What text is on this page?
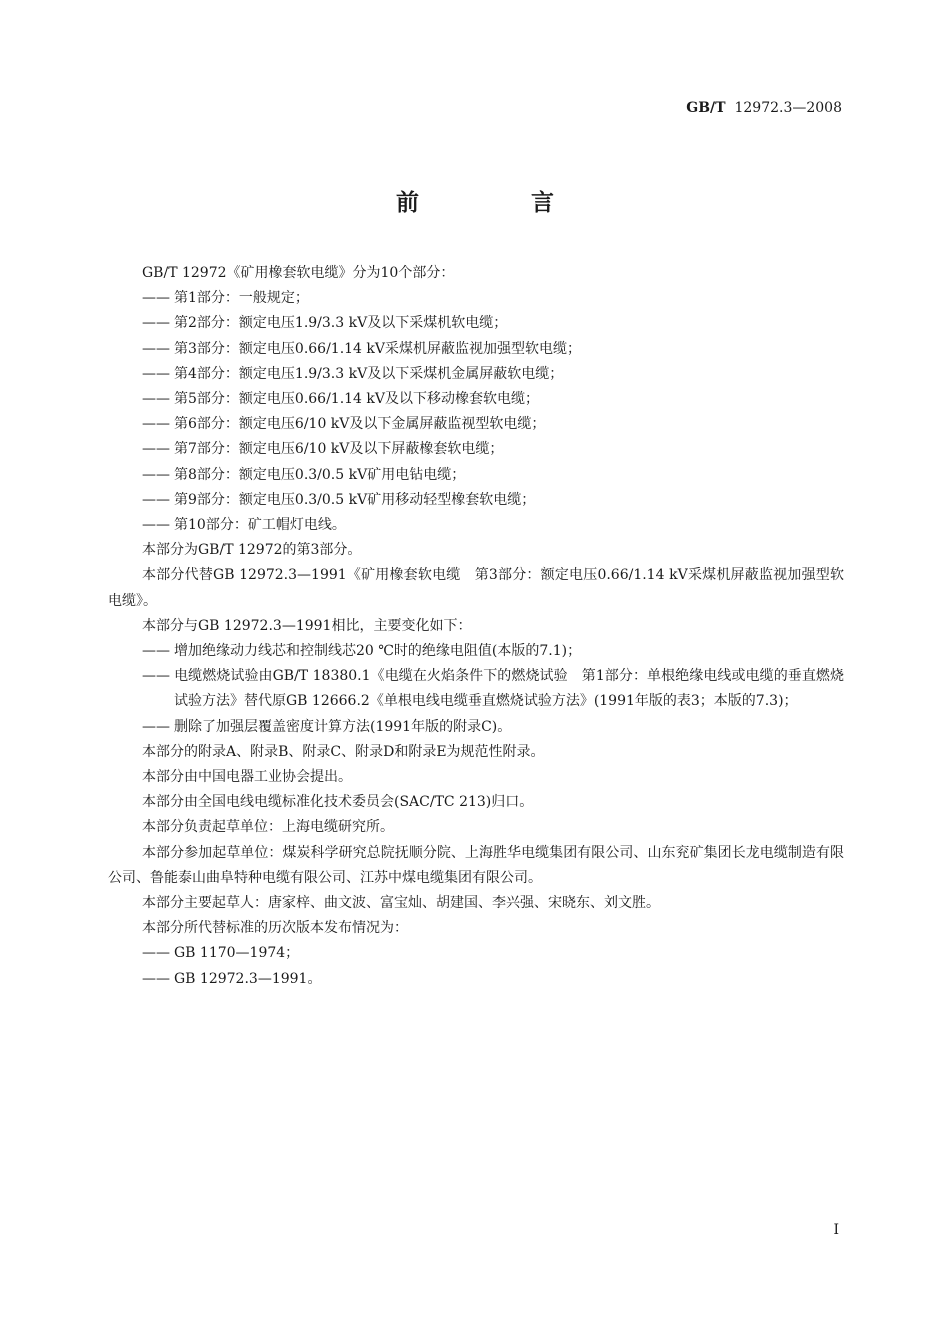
GB/T 12972.3—2008
前 言

GB/T 12972《矿用橡套软电缆》分为10个部分：

—— 第1部分：一般规定；

—— 第2部分：额定电压1.9/3.3 kV及以下采煤机软电缆；

—— 第3部分：额定电压0.66/1.14 kV采煤机屏蔽监视加强型软电缆；

—— 第4部分：额定电压1.9/3.3 kV及以下采煤机金属屏蔽软电缆；

—— 第5部分：额定电压0.66/1.14 kV及以下移动橡套软电缆；

—— 第6部分：额定电压6/10 kV及以下金属屏蔽监视型软电缆；

—— 第7部分：额定电压6/10 kV及以下屏蔽橡套软电缆；

—— 第8部分：额定电压0.3/0.5 kV矿用电钻电缆；

—— 第9部分：额定电压0.3/0.5 kV矿用移动轻型橡套软电缆；

—— 第10部分：矿工帽灯电线。

本部分为GB/T 12972的第3部分。

本部分代替GB 12972.3—1991《矿用橡套软电缆　第3部分：额定电压0.66/1.14 kV采煤机屏蔽监视加强型软电缆》。

本部分与GB 12972.3—1991相比，主要变化如下：

—— 增加绝缘动力线芯和控制线芯20 ℃时的绝缘电阻值(本版的7.1)；

—— 电缆燃烧试验由GB/T 18380.1《电缆在火焰条件下的燃烧试验　第1部分：单根绝缘电线或电缆的垂直燃烧试验方法》替代原GB 12666.2《单根电线电缆垂直燃烧试验方法》(1991年版的表3；本版的7.3)；

—— 删除了加强层覆盖密度计算方法(1991年版的附录C)。

本部分的附录A、附录B、附录C、附录D和附录E为规范性附录。

本部分由中国电器工业协会提出。

本部分由全国电线电缆标准化技术委员会(SAC/TC 213)归口。

本部分负责起草单位：上海电缆研究所。

本部分参加起草单位：煤炭科学研究总院抚顺分院、上海胜华电缆集团有限公司、山东兖矿集团长龙电缆制造有限公司、鲁能泰山曲阜特种电缆有限公司、江苏中煤电缆集团有限公司。

本部分主要起草人：唐家梓、曲文波、富宝灿、胡建国、李兴强、宋晓东、刘文胜。

本部分所代替标准的历次版本发布情况为：

—— GB 1170—1974；

—— GB 12972.3—1991。

Ⅰ
